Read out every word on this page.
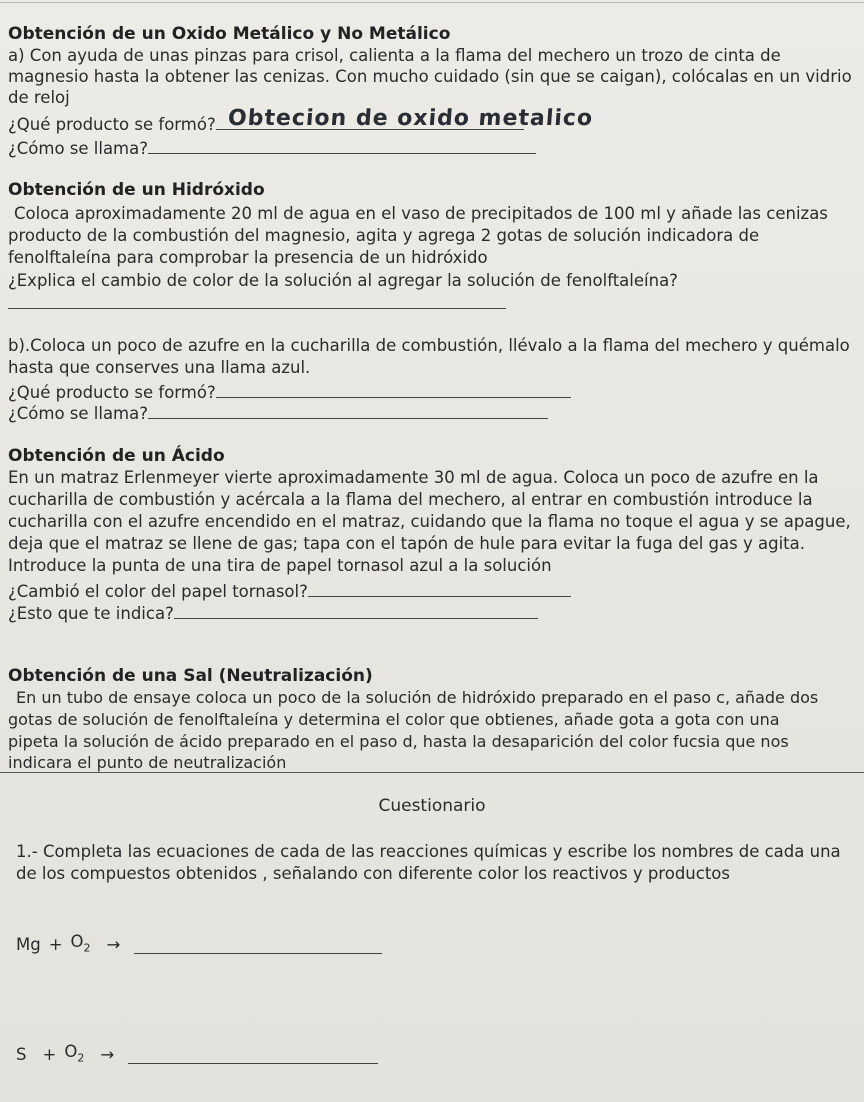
Obtención de un Oxido Metálico y No Metálico
a) Con ayuda de unas pinzas para crisol, calienta a la flama del mechero un trozo de cinta de
magnesio hasta la obtener las cenizas. Con mucho cuidado (sin que se caigan), colócalas en un vidrio
de reloj
¿Qué producto se formó? Obtecion de oxido metalico
¿Cómo se llama?
Obtención de un Hidróxido
Coloca aproximadamente 20 ml de agua en el vaso de precipitados de 100 ml y añade las cenizas
producto de la combustión del magnesio, agita y agrega 2 gotas de solución indicadora de
fenolftaleína para comprobar la presencia de un hidróxido
¿Explica el cambio de color de la solución al agregar la solución de fenolftaleína?
b).Coloca un poco de azufre en la cucharilla de combustión, llévalo a la flama del mechero y quémalo
hasta que conserves una llama azul.
¿Qué producto se formó?
¿Cómo se llama?
Obtención de un Ácido
En un matraz Erlenmeyer vierte aproximadamente 30 ml de agua. Coloca un poco de azufre en la
cucharilla de combustión y acércala a la flama del mechero, al entrar en combustión introduce la
cucharilla con el azufre encendido en el matraz, cuidando que la flama no toque el agua y se apague,
deja que el matraz se llene de gas; tapa con el tapón de hule para evitar la fuga del gas y agita.
Introduce la punta de una tira de papel tornasol azul a la solución
¿Cambió el color del papel tornasol?
¿Esto que te indica?
Obtención de una Sal (Neutralización)
En un tubo de ensaye coloca un poco de la solución de hidróxido preparado en el paso c, añade dos
gotas de solución de fenolftaleína y determina el color que obtienes, añade gota a gota con una
pipeta la solución de ácido preparado en el paso d, hasta la desaparición del color fucsia que nos
indicara el punto de neutralización
Cuestionario
1.- Completa las ecuaciones de cada de las reacciones químicas y escribe los nombres de cada una
de los compuestos obtenidos , señalando con diferente color los reactivos y productos
$Mg + O_2$ →
$S + O_2$ →
